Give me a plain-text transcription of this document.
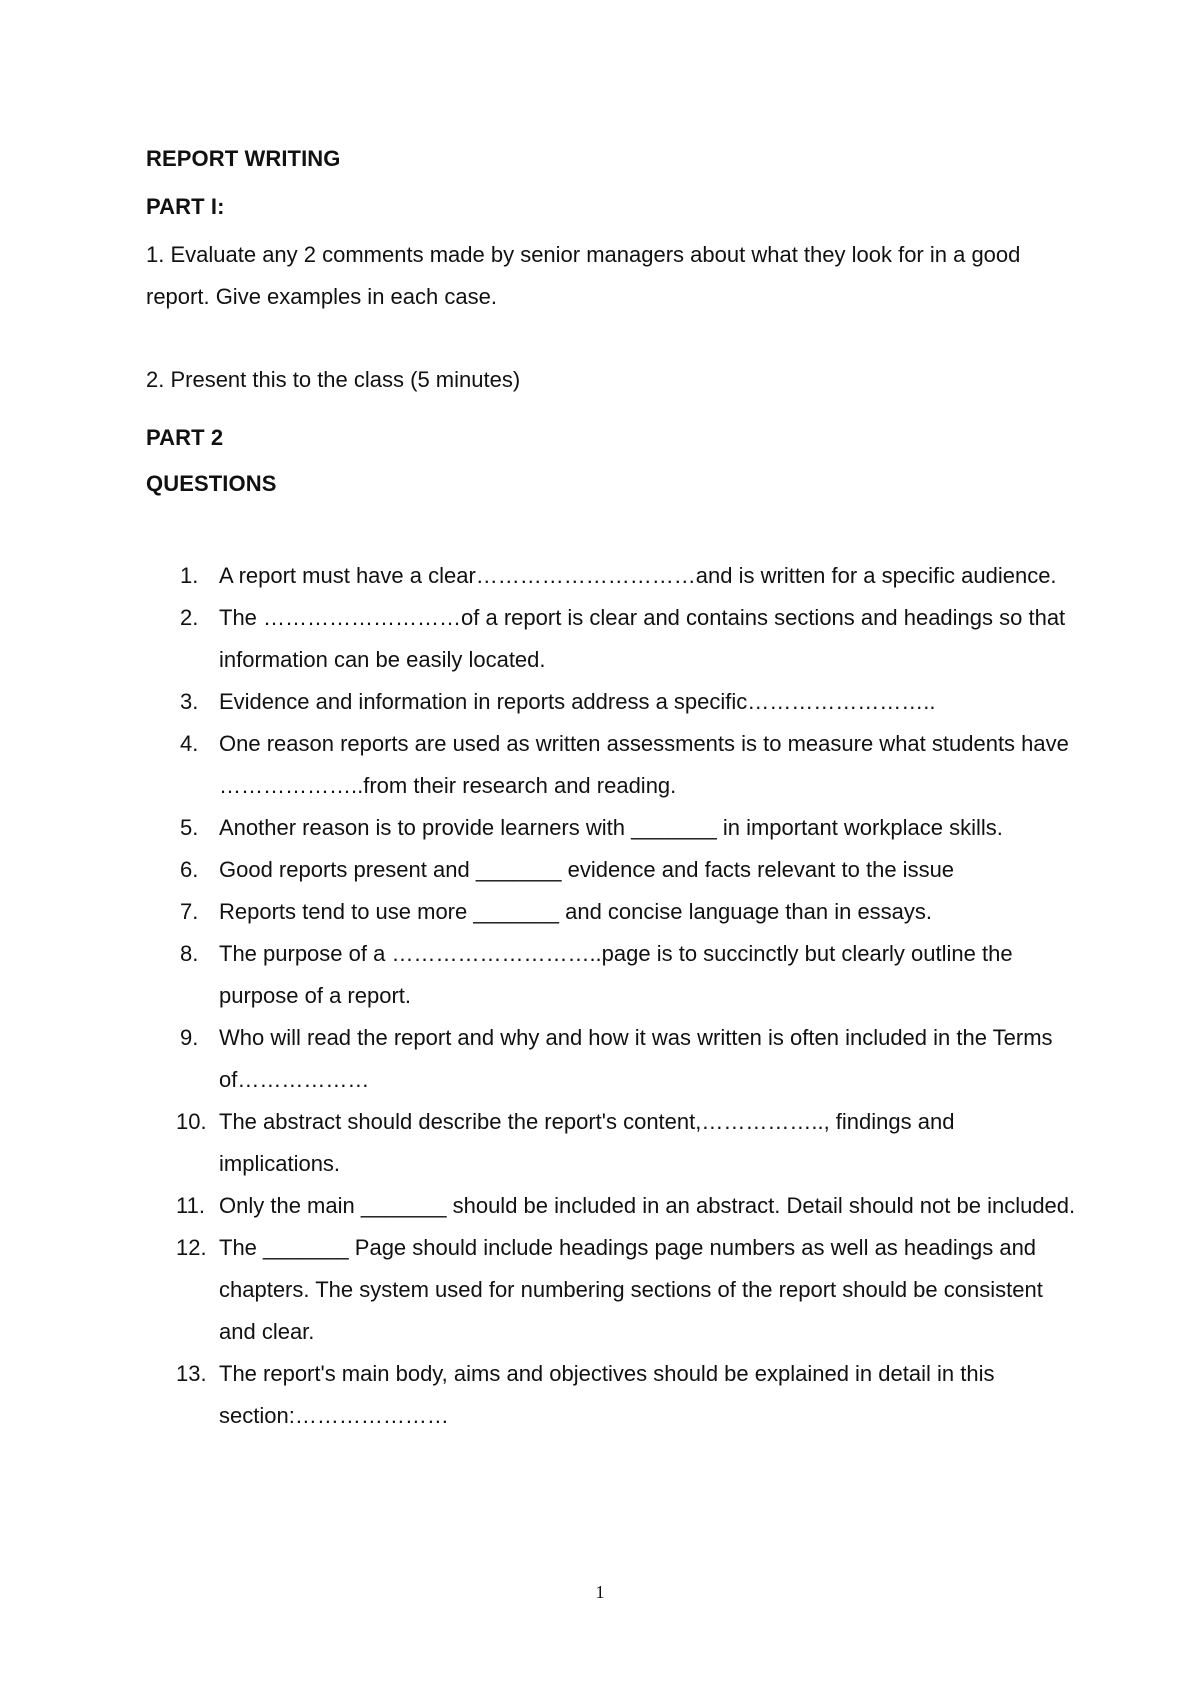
REPORT WRITING
PART I:
1. Evaluate any 2 comments made by senior managers about what they look for in a good report. Give examples in each case.
2. Present this to the class (5 minutes)
PART 2
QUESTIONS
1. A report must have a clear…………………………and is written for a specific audience.
2. The ………………………of a report is clear and contains sections and headings so that information can be easily located.
3. Evidence and information in reports address a specific……………………..
4. One reason reports are used as written assessments is to measure what students have ………………..from their research and reading.
5. Another reason is to provide learners with _______ in important workplace skills.
6. Good reports present and _______ evidence and facts relevant to the issue
7. Reports tend to use more _______ and concise language than in essays.
8. The purpose of a ………………………..page is to succinctly but clearly outline the purpose of a report.
9. Who will read the report and why and how it was written is often included in the Terms of………………
10. The abstract should describe the report's content,…………….., findings and implications.
11. Only the main _______ should be included in an abstract. Detail should not be included.
12. The _______ Page should include headings page numbers as well as headings and chapters. The system used for numbering sections of the report should be consistent and clear.
13. The report's main body, aims and objectives should be explained in detail in this section:…………………
1
